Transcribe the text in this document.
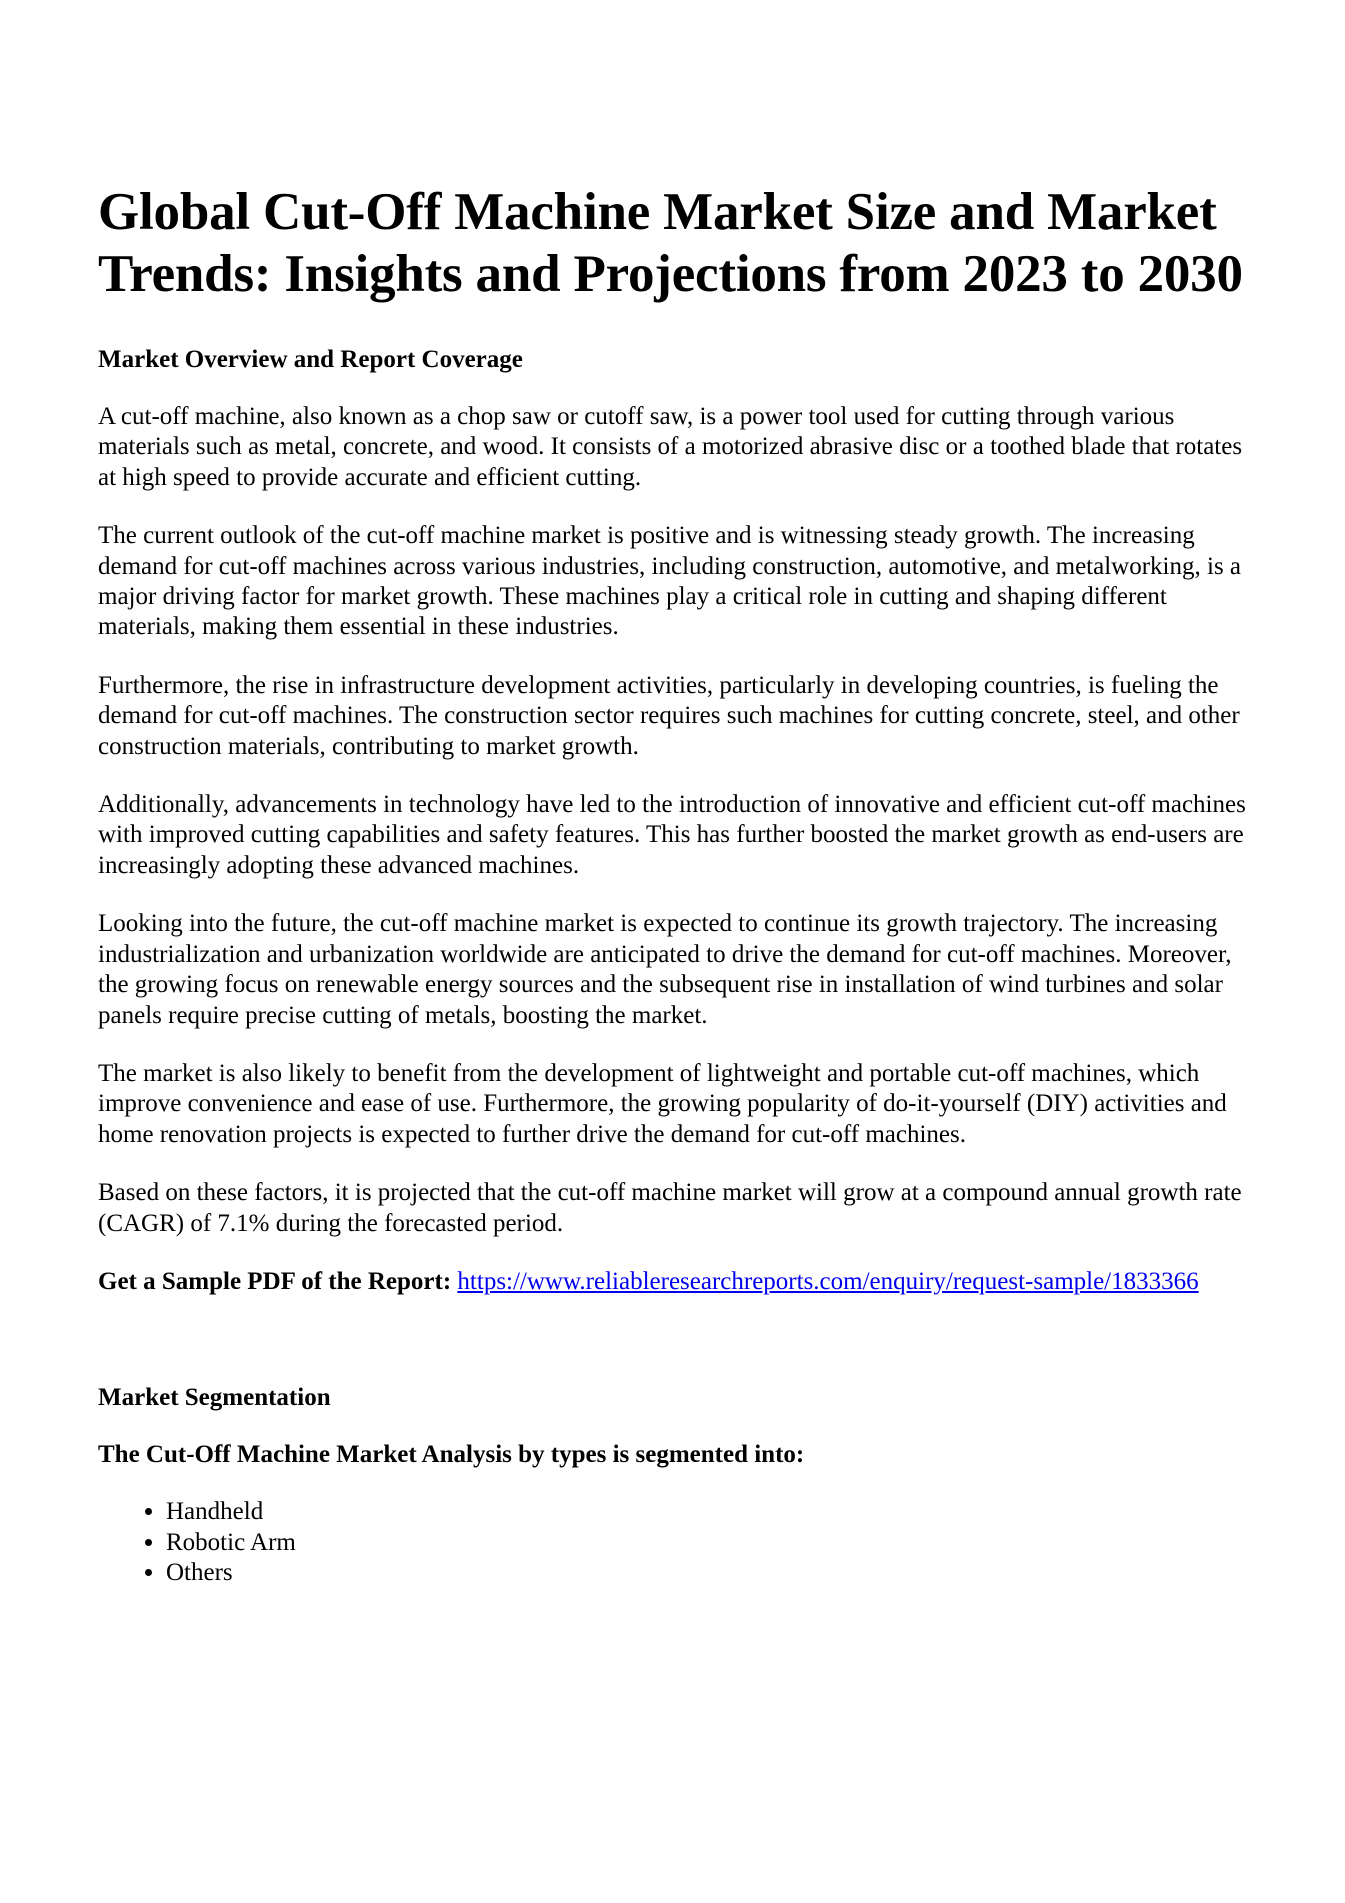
Global Cut-Off Machine Market Size and Market Trends: Insights and Projections from 2023 to 2030
Market Overview and Report Coverage

A cut-off machine, also known as a chop saw or cutoff saw, is a power tool used for cutting through various materials such as metal, concrete, and wood. It consists of a motorized abrasive disc or a toothed blade that rotates at high speed to provide accurate and efficient cutting.

The current outlook of the cut-off machine market is positive and is witnessing steady growth. The increasing demand for cut-off machines across various industries, including construction, automotive, and metalworking, is a major driving factor for market growth. These machines play a critical role in cutting and shaping different materials, making them essential in these industries.

Furthermore, the rise in infrastructure development activities, particularly in developing countries, is fueling the demand for cut-off machines. The construction sector requires such machines for cutting concrete, steel, and other construction materials, contributing to market growth.

Additionally, advancements in technology have led to the introduction of innovative and efficient cut-off machines with improved cutting capabilities and safety features. This has further boosted the market growth as end-users are increasingly adopting these advanced machines.

Looking into the future, the cut-off machine market is expected to continue its growth trajectory. The increasing industrialization and urbanization worldwide are anticipated to drive the demand for cut-off machines. Moreover, the growing focus on renewable energy sources and the subsequent rise in installation of wind turbines and solar panels require precise cutting of metals, boosting the market.

The market is also likely to benefit from the development of lightweight and portable cut-off machines, which improve convenience and ease of use. Furthermore, the growing popularity of do-it-yourself (DIY) activities and home renovation projects is expected to further drive the demand for cut-off machines.

Based on these factors, it is projected that the cut-off machine market will grow at a compound annual growth rate (CAGR) of 7.1% during the forecasted period.

Get a Sample PDF of the Report: https://www.reliableresearchreports.com/enquiry/request-sample/1833366

Market Segmentation
The Cut-Off Machine Market Analysis by types is segmented into:
• Handheld
• Robotic Arm
• Others
